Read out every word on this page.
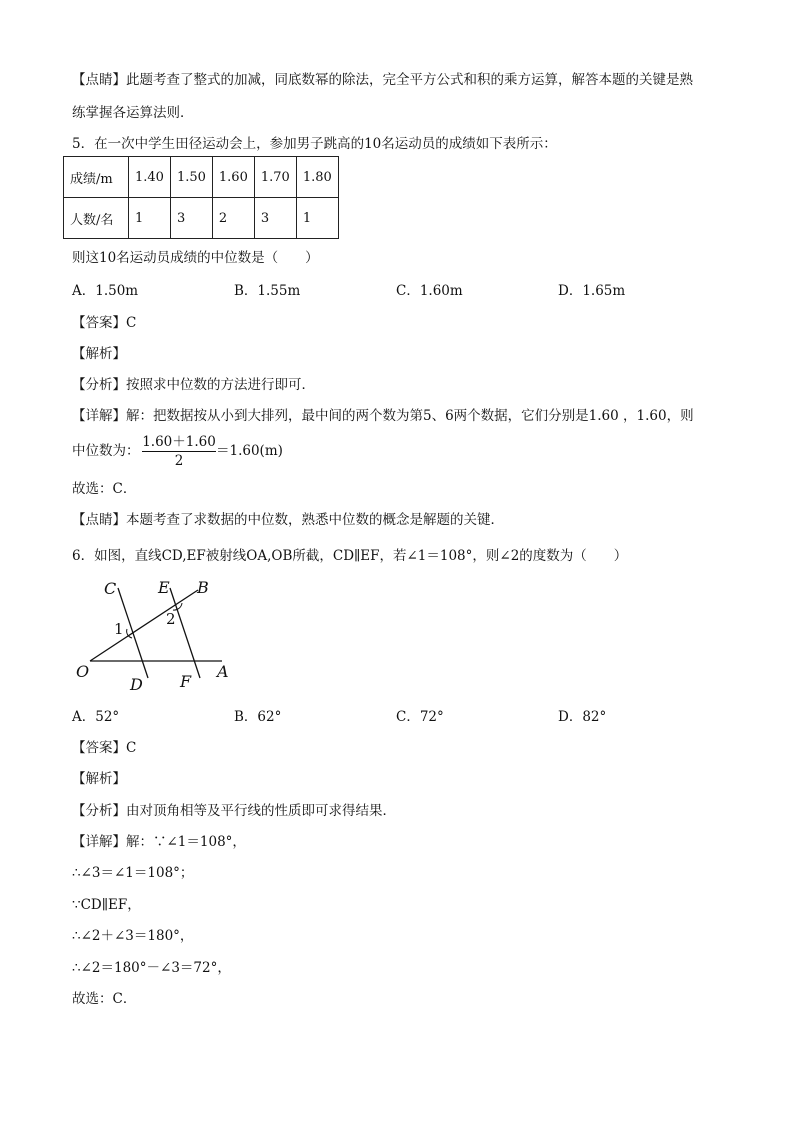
【点睛】此题考查了整式的加减，同底数幂的除法，完全平方公式和积的乘方运算，解答本题的关键是熟
练掌握各运算法则．
5．在一次中学生田径运动会上，参加男子跳高的10名运动员的成绩如下表所示：
成绩/m	1.40	1.50	1.60	1.70	1.80
人数/名	1	3	2	3	1
则这10名运动员成绩的中位数是（　　）
A．1.50m	B．1.55m	C．1.60m	D．1.65m
【答案】C
【解析】
【分析】按照求中位数的方法进行即可．
【详解】解：把数据按从小到大排列，最中间的两个数为第5、6两个数据，它们分别是1.60 ，1.60，则
中位数为： $\frac{1.60+1.60}{2} =1.60(m)$
故选：C．
【点睛】本题考查了求数据的中位数，熟悉中位数的概念是解题的关键．
6．如图，直线CD,EF被射线OA,OB所截，CD∥EF，若∠1＝108°，则∠2的度数为（　　）
C	E B
1
2
O	A
D F
A．52°	B．62°	C．72°	D．82°
【答案】C
【解析】
【分析】由对顶角相等及平行线的性质即可求得结果．
【详解】解：∵∠1＝108°，
∴∠3＝∠1＝108°；
∵CD∥EF，
∴∠2＋∠3＝180°，
∴∠2＝180°－∠3＝72°，
故选：C．
